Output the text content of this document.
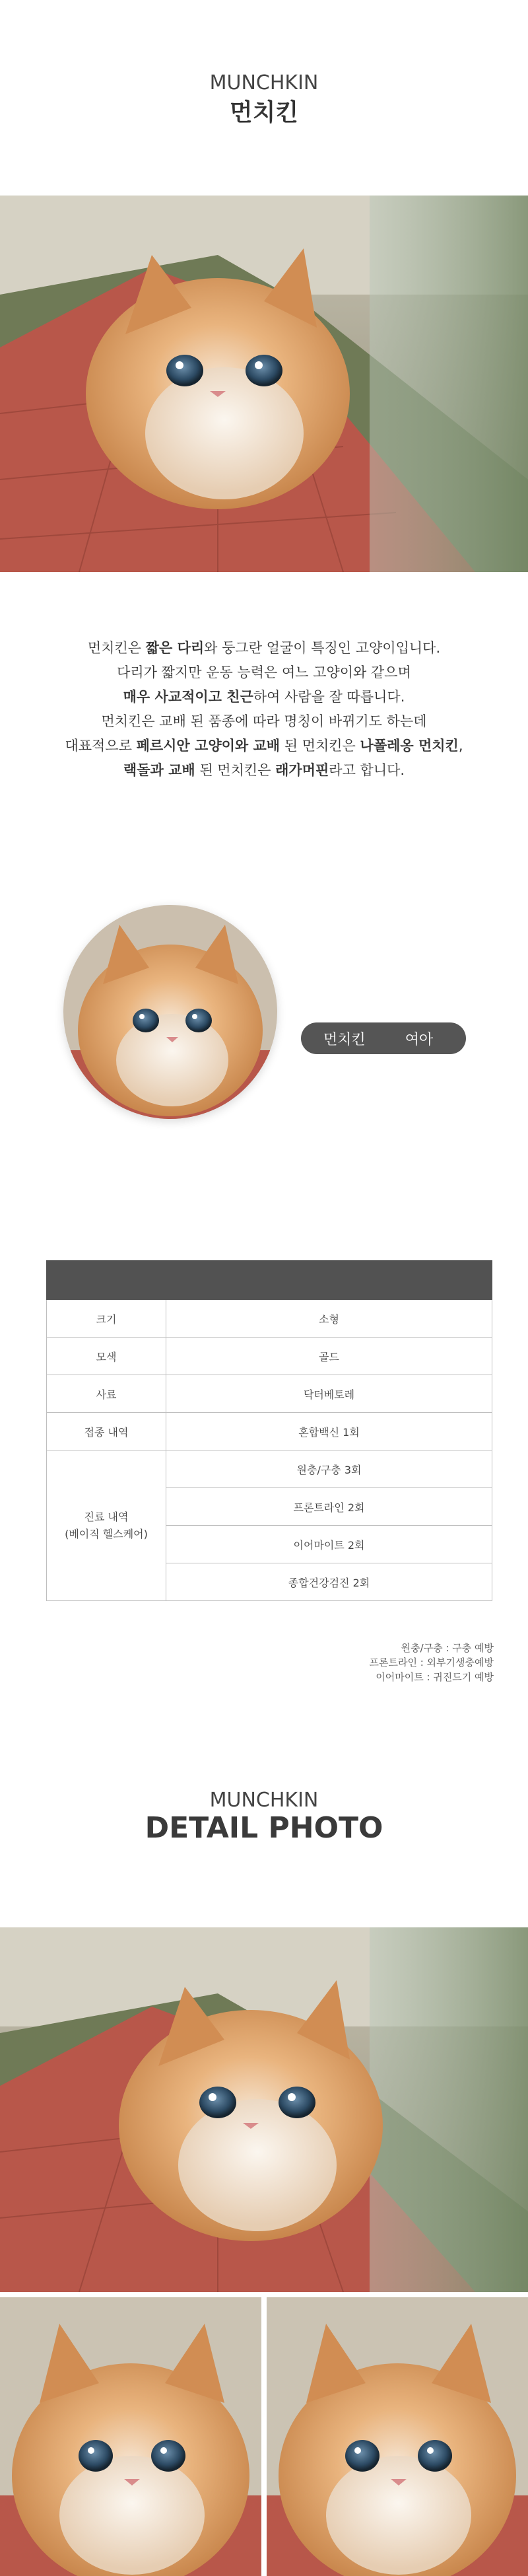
MUNCHKIN
먼치킨
먼치킨은 짧은 다리와 둥그란 얼굴이 특징인 고양이입니다.
다리가 짧지만 운동 능력은 여느 고양이와 같으며
매우 사교적이고 친근하여 사람을 잘 따릅니다.
먼치킨은 교배 된 품종에 따라 명칭이 바뀌기도 하는데
대표적으로 페르시안 고양이와 교배 된 먼치킨은 나폴레옹 먼치킨,
랙돌과 교배 된 먼치킨은 래가머핀라고 합니다.
먼치킨	여아

크기	소형
모색	골드
사료	닥터베토레
접종 내역	혼합백신 1회

진료 내역
(베이직 헬스케어)	원충/구충 3회
	프론트라인 2회
	이어마이트 2회
	종합건강검진 2회
원충/구충 : 구충 예방
프론트라인 : 외부기생충예방
이어마이트 : 귀진드기 예방
MUNCHKIN
DETAIL PHOTO
